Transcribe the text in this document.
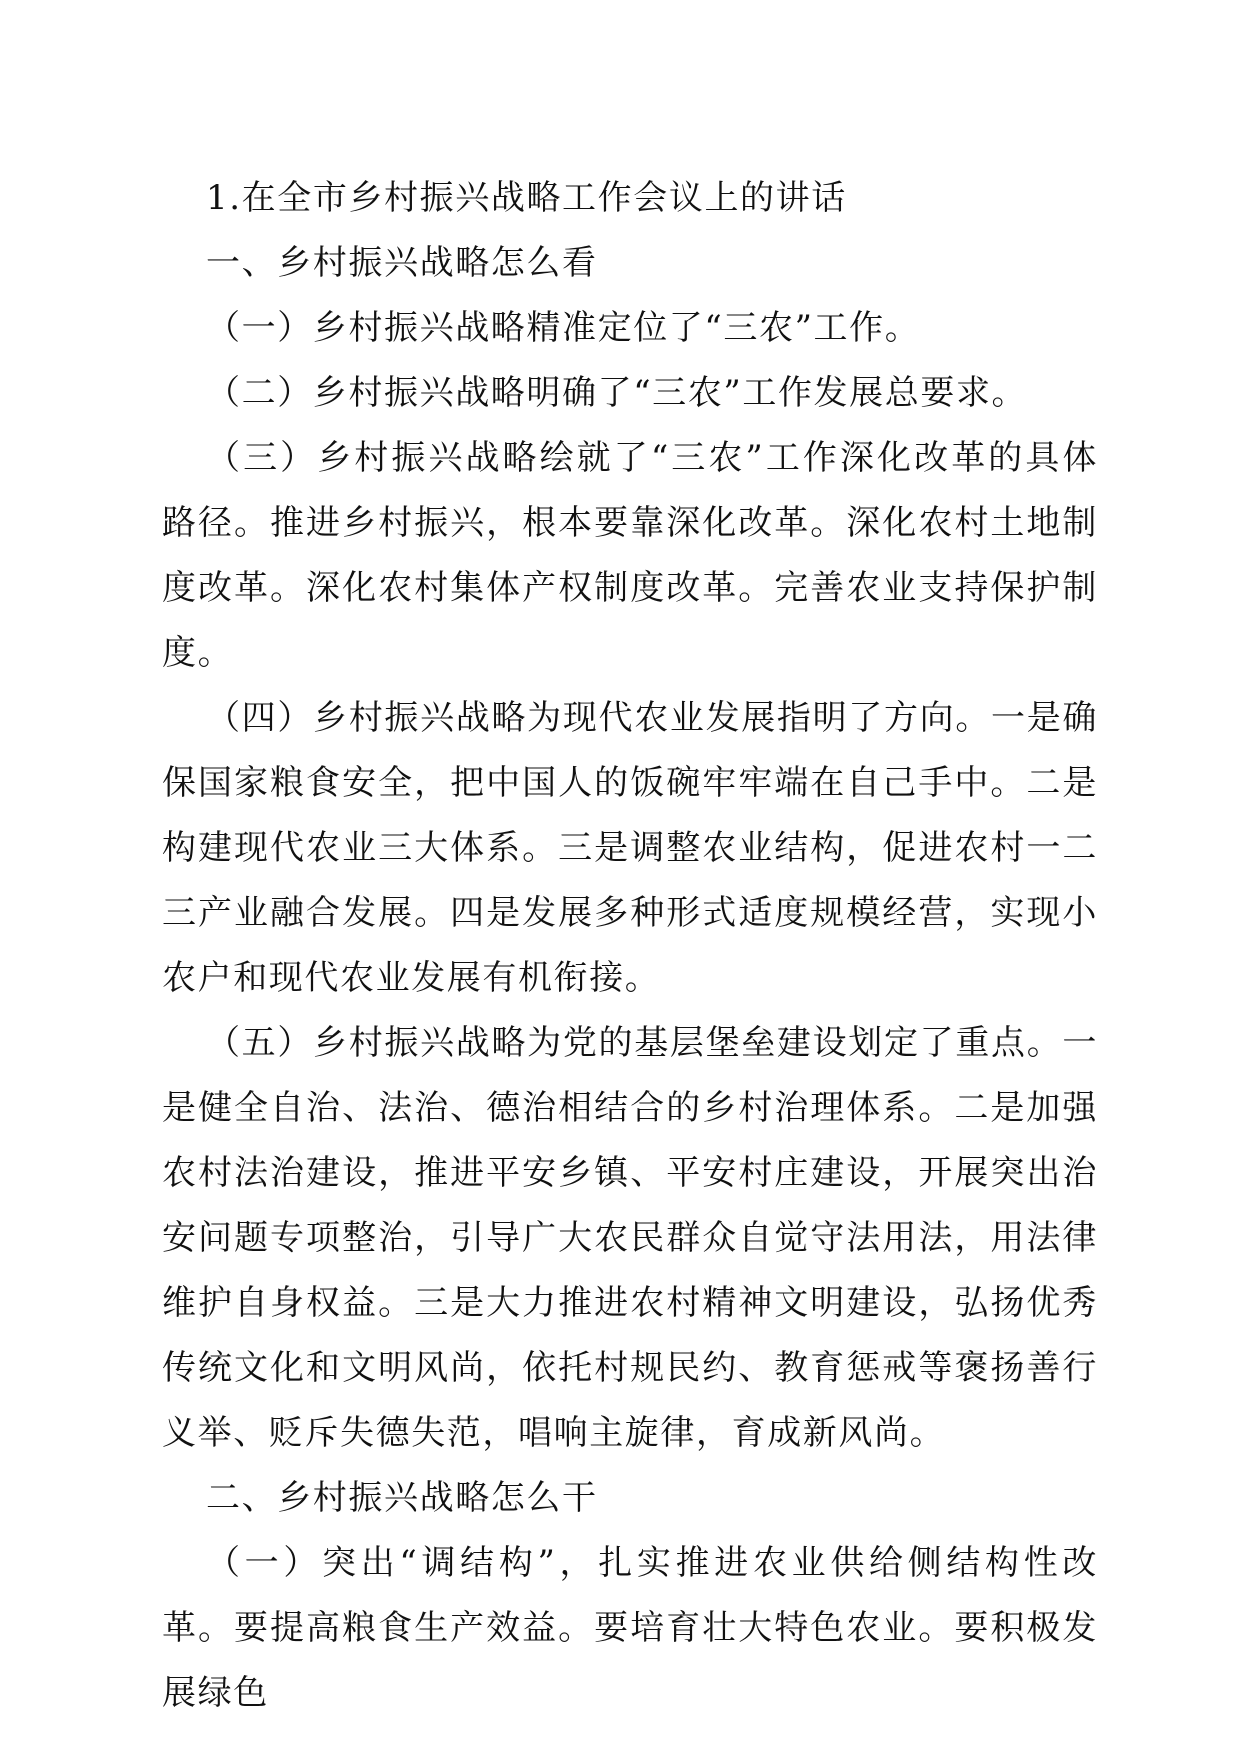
1.在全市乡村振兴战略工作会议上的讲话

一、乡村振兴战略怎么看

（一）乡村振兴战略精准定位了“三农”工作。

（二）乡村振兴战略明确了“三农”工作发展总要求。

（三）乡村振兴战略绘就了“三农”工作深化改革的具体路径。推进乡村振兴，根本要靠深化改革。深化农村土地制度改革。深化农村集体产权制度改革。完善农业支持保护制度。

（四）乡村振兴战略为现代农业发展指明了方向。一是确保国家粮食安全，把中国人的饭碗牢牢端在自己手中。二是构建现代农业三大体系。三是调整农业结构，促进农村一二三产业融合发展。四是发展多种形式适度规模经营，实现小农户和现代农业发展有机衔接。

（五）乡村振兴战略为党的基层堡垒建设划定了重点。一是健全自治、法治、德治相结合的乡村治理体系。二是加强农村法治建设，推进平安乡镇、平安村庄建设，开展突出治安问题专项整治，引导广大农民群众自觉守法用法，用法律维护自身权益。三是大力推进农村精神文明建设，弘扬优秀传统文化和文明风尚，依托村规民约、教育惩戒等褒扬善行义举、贬斥失德失范，唱响主旋律，育成新风尚。

二、乡村振兴战略怎么干

（一）突出“调结构”，扎实推进农业供给侧结构性改革。要提高粮食生产效益。要培育壮大特色农业。要积极发展绿色
